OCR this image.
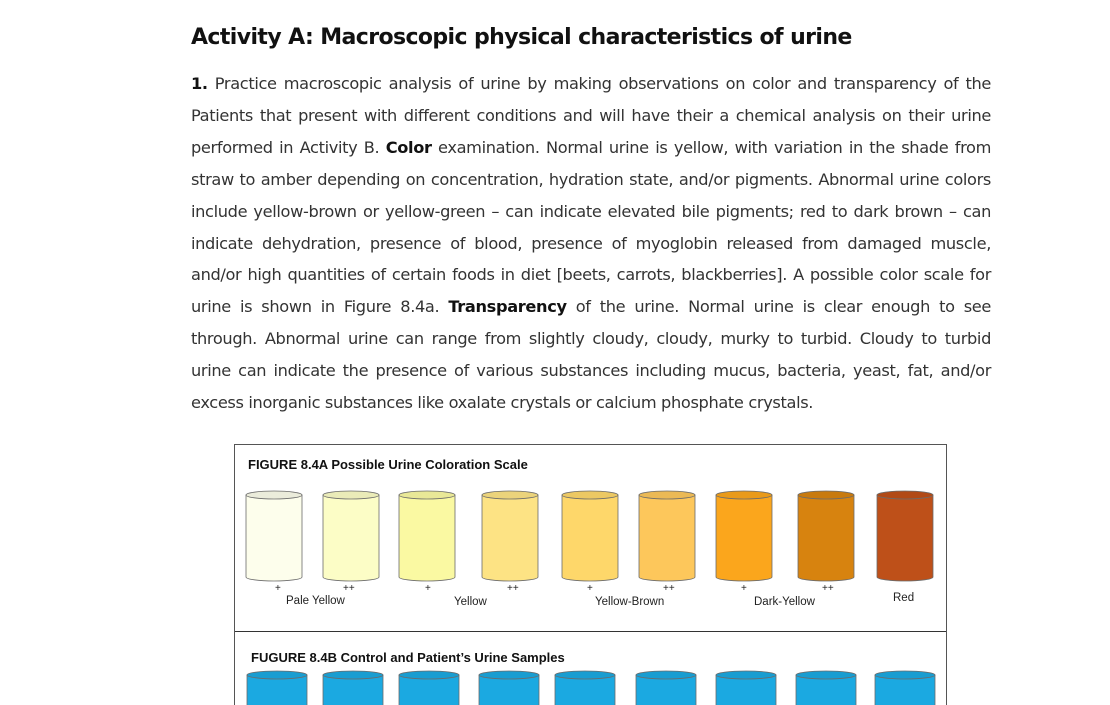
Activity A: Macroscopic physical characteristics of urine
1. Practice macroscopic analysis of urine by making observations on color and transparency of the Patients that present with different conditions and will have their a chemical analysis on their urine performed in Activity B. Color examination. Normal urine is yellow, with variation in the shade from straw to amber depending on concentration, hydration state, and/or pigments. Abnormal urine colors include yellow-brown or yellow-green – can indicate elevated bile pigments; red to dark brown – can indicate dehydration, presence of blood, presence of myoglobin released from damaged muscle, and/or high quantities of certain foods in diet [beets, carrots, blackberries]. A possible color scale for urine is shown in Figure 8.4a. Transparency of the urine. Normal urine is clear enough to see through. Abnormal urine can range from slightly cloudy, cloudy, murky to turbid. Cloudy to turbid urine can indicate the presence of various substances including mucus, bacteria, yeast, fat, and/or excess inorganic substances like oxalate crystals or calcium phosphate crystals.
FIGURE 8.4A Possible Urine Coloration Scale
+	++	+	++	+	++	+	++
Pale Yellow	Yellow	Yellow-Brown	Dark-Yellow	Red
FUGURE 8.4B Control and Patient’s Urine Samples
